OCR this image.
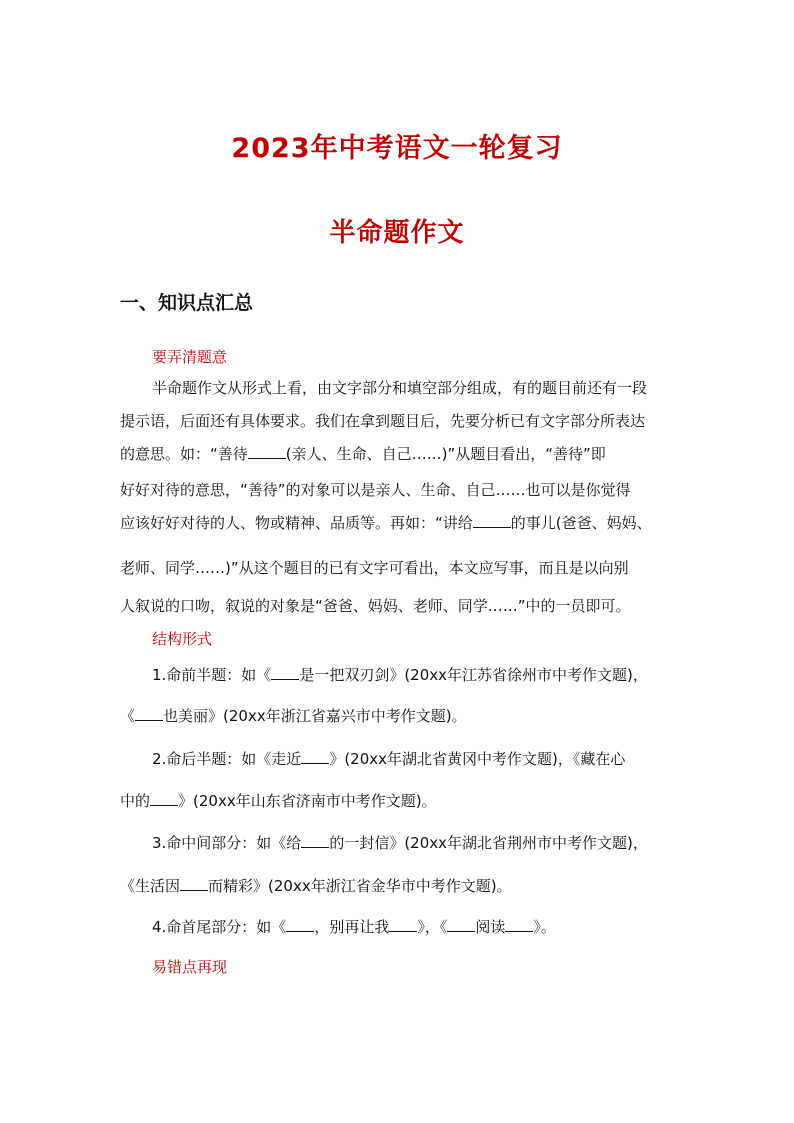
2023年中考语文一轮复习
半命题作文
一、知识点汇总
要弄清题意
半命题作文从形式上看，由文字部分和填空部分组成，有的题目前还有一段
提示语，后面还有具体要求。我们在拿到题目后，先要分析已有文字部分所表达
的意思。如：“善待	(亲人、生命、自己……)”从题目看出，“善待”即
好好对待的意思，“善待”的对象可以是亲人、生命、自己……也可以是你觉得
应该好好对待的人、物或精神、品质等。再如：“讲给	的事儿(爸爸、妈妈、
老师、同学……)”从这个题目的已有文字可看出，本文应写事，而且是以向别
人叙说的口吻，叙说的对象是“爸爸、妈妈、老师、同学……”中的一员即可。
结构形式
1.命前半题：如《 是一把双刃剑》(20xx年江苏省徐州市中考作文题)，
《 也美丽》(20xx年浙江省嘉兴市中考作文题)。
2.命后半题：如《走近 》(20xx年湖北省黄冈中考作文题)，《藏在心
中的 》(20xx年山东省济南市中考作文题)。
3.命中间部分：如《给 的一封信》(20xx年湖北省荆州市中考作文题)，
《生活因 而精彩》(20xx年浙江省金华市中考作文题)。
4.命首尾部分：如《 ，别再让我 》，《 阅读 》。
易错点再现
